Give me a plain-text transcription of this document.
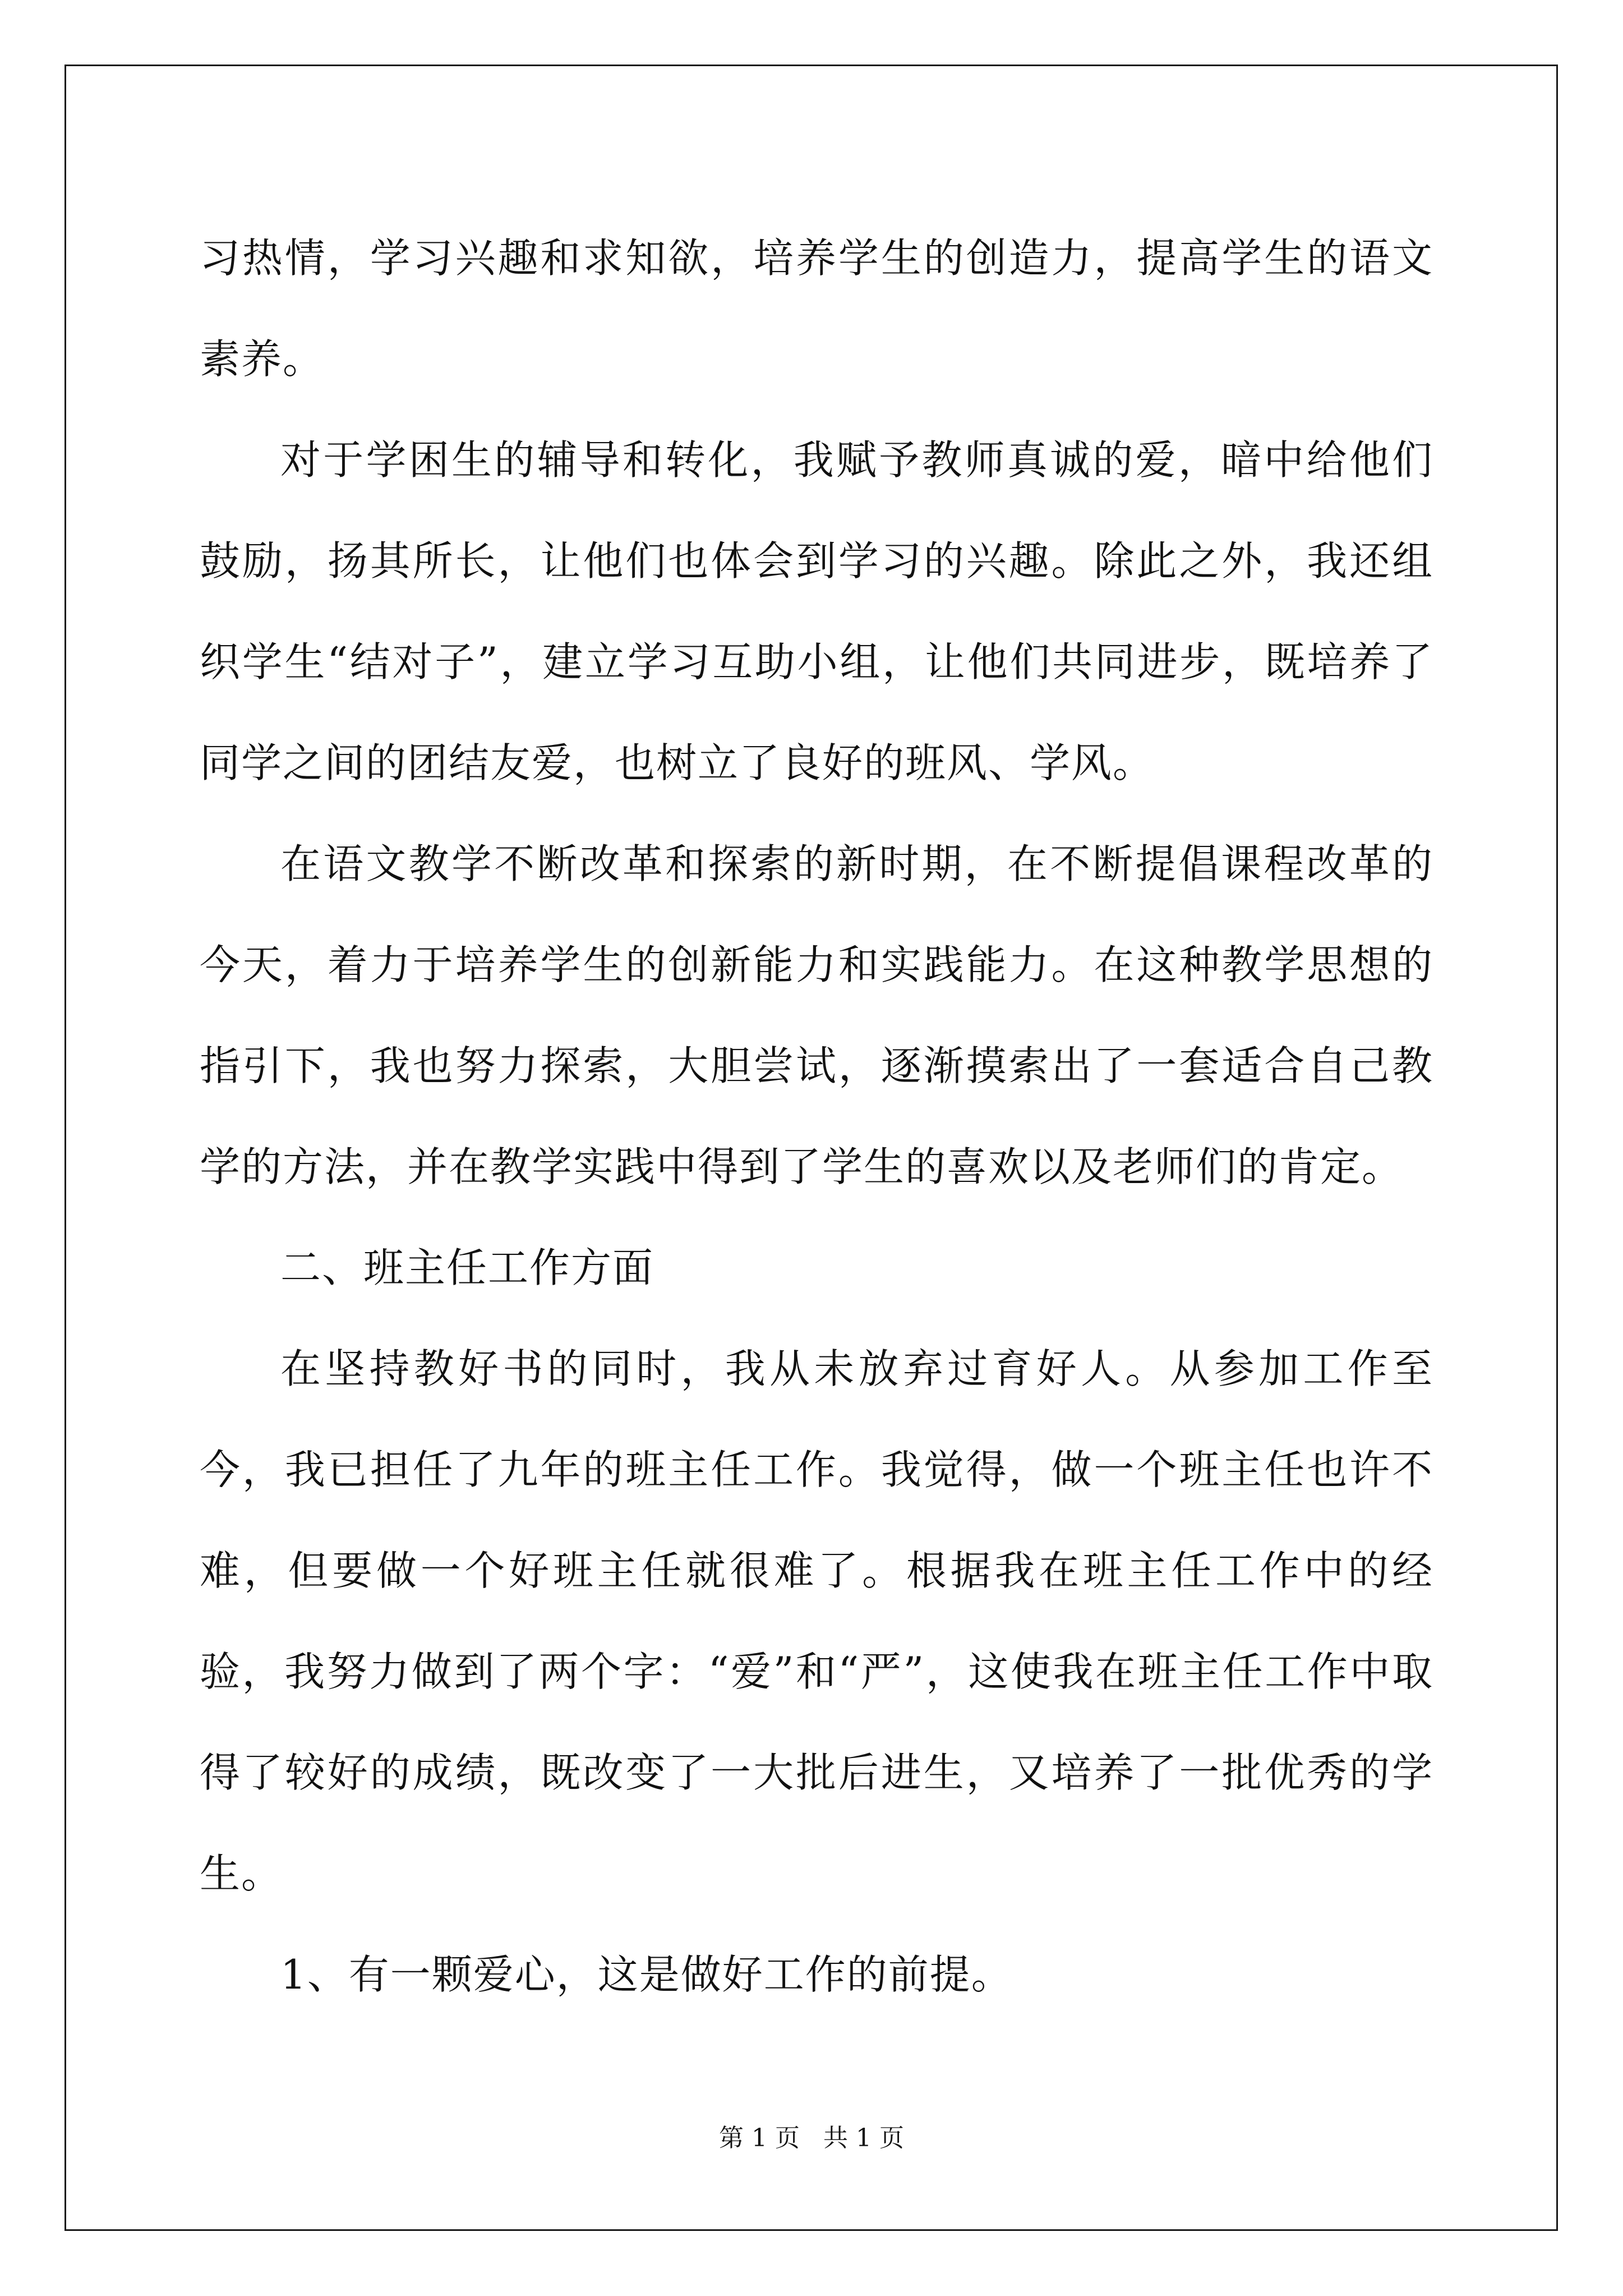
习热情，学习兴趣和求知欲，培养学生的创造力，提高学生的语文素养。

对于学困生的辅导和转化，我赋予教师真诚的爱，暗中给他们鼓励，扬其所长，让他们也体会到学习的兴趣。除此之外，我还组织学生“结对子”，建立学习互助小组，让他们共同进步，既培养了同学之间的团结友爱，也树立了良好的班风、学风。

在语文教学不断改革和探索的新时期，在不断提倡课程改革的今天，着力于培养学生的创新能力和实践能力。在这种教学思想的指引下，我也努力探索，大胆尝试，逐渐摸索出了一套适合自己教学的方法，并在教学实践中得到了学生的喜欢以及老师们的肯定。

二、班主任工作方面

在坚持教好书的同时，我从未放弃过育好人。从参加工作至今，我已担任了九年的班主任工作。我觉得，做一个班主任也许不难，但要做一个好班主任就很难了。根据我在班主任工作中的经验，我努力做到了两个字：“爱”和“严”，这使我在班主任工作中取得了较好的成绩，既改变了一大批后进生，又培养了一批优秀的学生。

1、有一颗爱心，这是做好工作的前提。

第 1 页 共 1 页
